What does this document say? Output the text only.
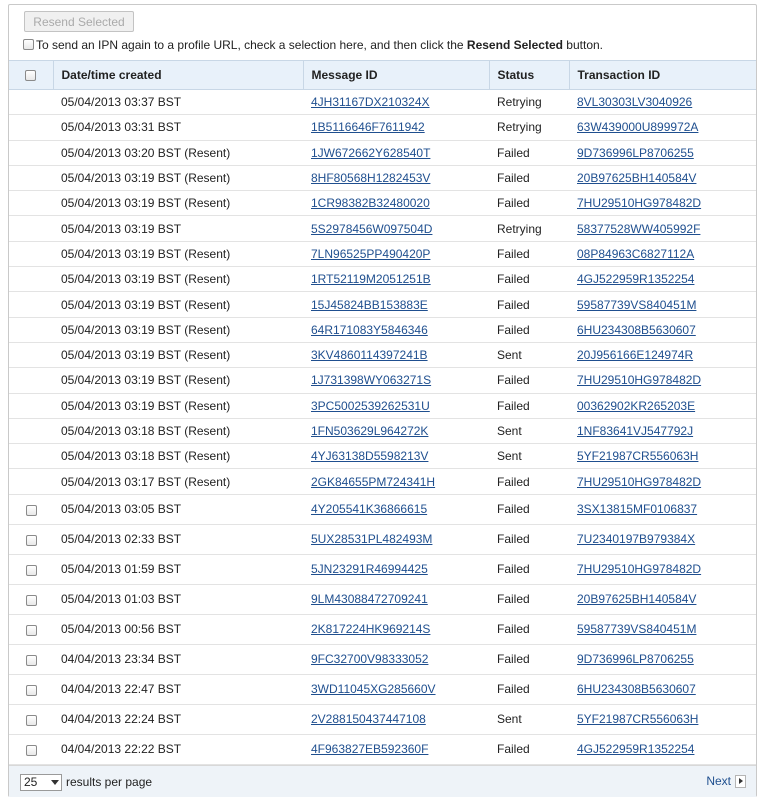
Resend Selected
To send an IPN again to a profile URL, check a selection here, and then click the Resend Selected button.
	Date/time created	Message ID	Status	Transaction ID
	05/04/2013 03:37 BST	4JH31167DX210324X	Retrying	8VL30303LV3040926
	05/04/2013 03:31 BST	1B5116646F7611942	Retrying	63W439000U899972A
	05/04/2013 03:20 BST (Resent)	1JW672662Y628540T	Failed	9D736996LP8706255
	05/04/2013 03:19 BST (Resent)	8HF80568H1282453V	Failed	20B97625BH140584V
	05/04/2013 03:19 BST (Resent)	1CR98382B32480020	Failed	7HU29510HG978482D
	05/04/2013 03:19 BST	5S2978456W097504D	Retrying	58377528WW405992F
	05/04/2013 03:19 BST (Resent)	7LN96525PP490420P	Failed	08P84963C6827112A
	05/04/2013 03:19 BST (Resent)	1RT52119M2051251B	Failed	4GJ522959R1352254
	05/04/2013 03:19 BST (Resent)	15J45824BB153883E	Failed	59587739VS840451M
	05/04/2013 03:19 BST (Resent)	64R171083Y5846346	Failed	6HU234308B5630607
	05/04/2013 03:19 BST (Resent)	3KV4860114397241B	Sent	20J956166E124974R
	05/04/2013 03:19 BST (Resent)	1J731398WY063271S	Failed	7HU29510HG978482D
	05/04/2013 03:19 BST (Resent)	3PC5002539262531U	Failed	00362902KR265203E
	05/04/2013 03:18 BST (Resent)	1FN503629L964272K	Sent	1NF83641VJ547792J
	05/04/2013 03:18 BST (Resent)	4YJ63138D5598213V	Sent	5YF21987CR556063H
	05/04/2013 03:17 BST (Resent)	2GK84655PM724341H	Failed	7HU29510HG978482D
	05/04/2013 03:05 BST	4Y205541K36866615	Failed	3SX13815MF0106837
	05/04/2013 02:33 BST	5UX28531PL482493M	Failed	7U2340197B979384X
	05/04/2013 01:59 BST	5JN23291R46994425	Failed	7HU29510HG978482D
	05/04/2013 01:03 BST	9LM43088472709241	Failed	20B97625BH140584V
	05/04/2013 00:56 BST	2K817224HK969214S	Failed	59587739VS840451M
	04/04/2013 23:34 BST	9FC32700V98333052	Failed	9D736996LP8706255
	04/04/2013 22:47 BST	3WD11045XG285660V	Failed	6HU234308B5630607
	04/04/2013 22:24 BST	2V288150437447108	Sent	5YF21987CR556063H
	04/04/2013 22:22 BST	4F963827EB592360F	Failed	4GJ522959R1352254
25	results per page	Next
